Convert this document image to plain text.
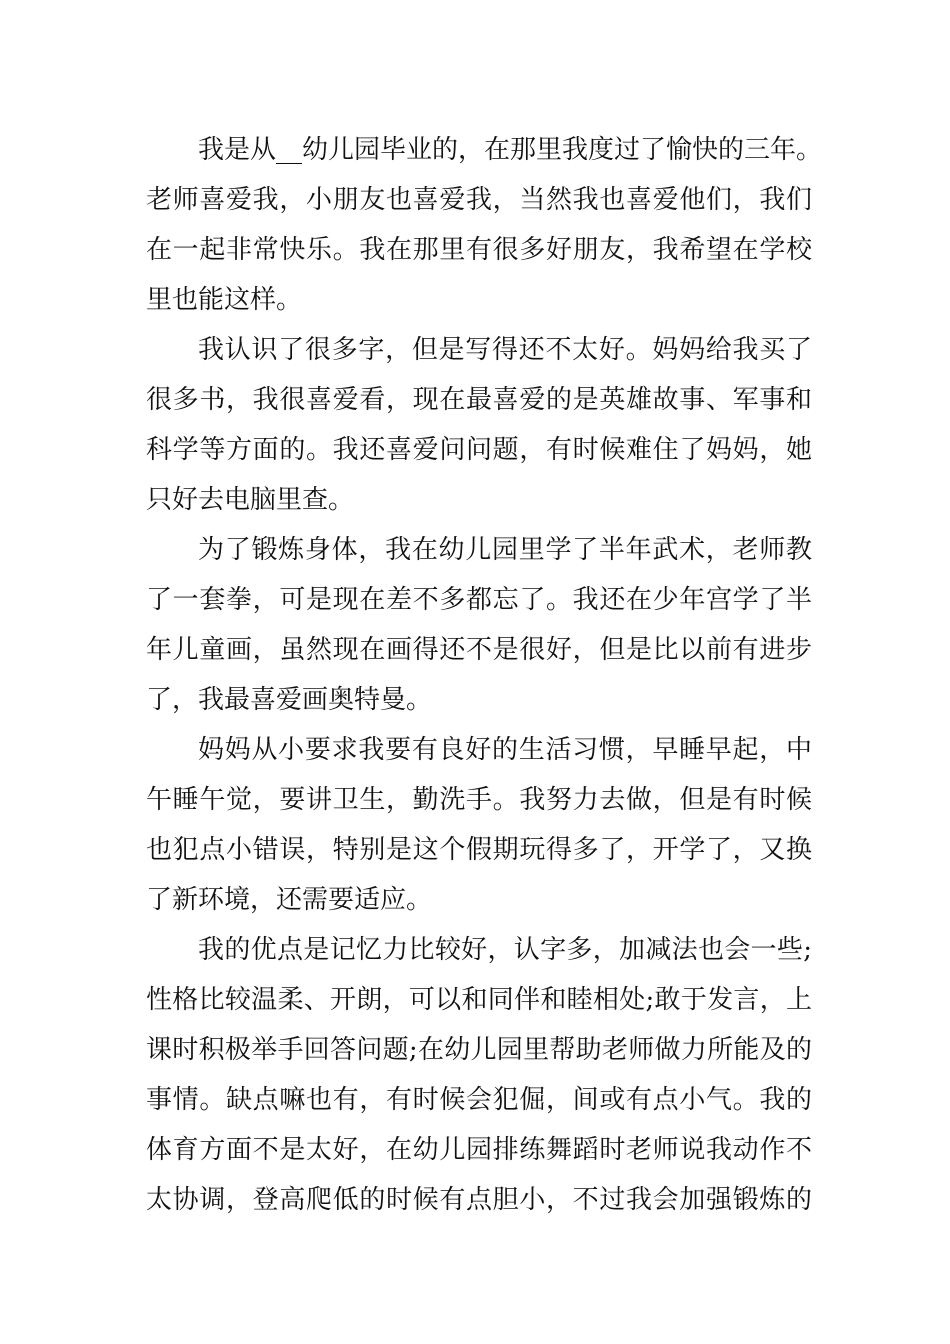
我是从__幼儿园毕业的，在那里我度过了愉快的三年。
老师喜爱我，小朋友也喜爱我，当然我也喜爱他们，我们
在一起非常快乐。我在那里有很多好朋友，我希望在学校
里也能这样。
我认识了很多字，但是写得还不太好。妈妈给我买了
很多书，我很喜爱看，现在最喜爱的是英雄故事、军事和
科学等方面的。我还喜爱问问题，有时候难住了妈妈，她
只好去电脑里查。
为了锻炼身体，我在幼儿园里学了半年武术，老师教
了一套拳，可是现在差不多都忘了。我还在少年宫学了半
年儿童画，虽然现在画得还不是很好，但是比以前有进步
了，我最喜爱画奥特曼。
妈妈从小要求我要有良好的生活习惯，早睡早起，中
午睡午觉，要讲卫生，勤洗手。我努力去做，但是有时候
也犯点小错误，特别是这个假期玩得多了，开学了，又换
了新环境，还需要适应。
我的优点是记忆力比较好，认字多，加减法也会一些;
性格比较温柔、开朗，可以和同伴和睦相处;敢于发言，上
课时积极举手回答问题;在幼儿园里帮助老师做力所能及的
事情。缺点嘛也有，有时候会犯倔，间或有点小气。我的
体育方面不是太好，在幼儿园排练舞蹈时老师说我动作不
太协调，登高爬低的时候有点胆小，不过我会加强锻炼的
